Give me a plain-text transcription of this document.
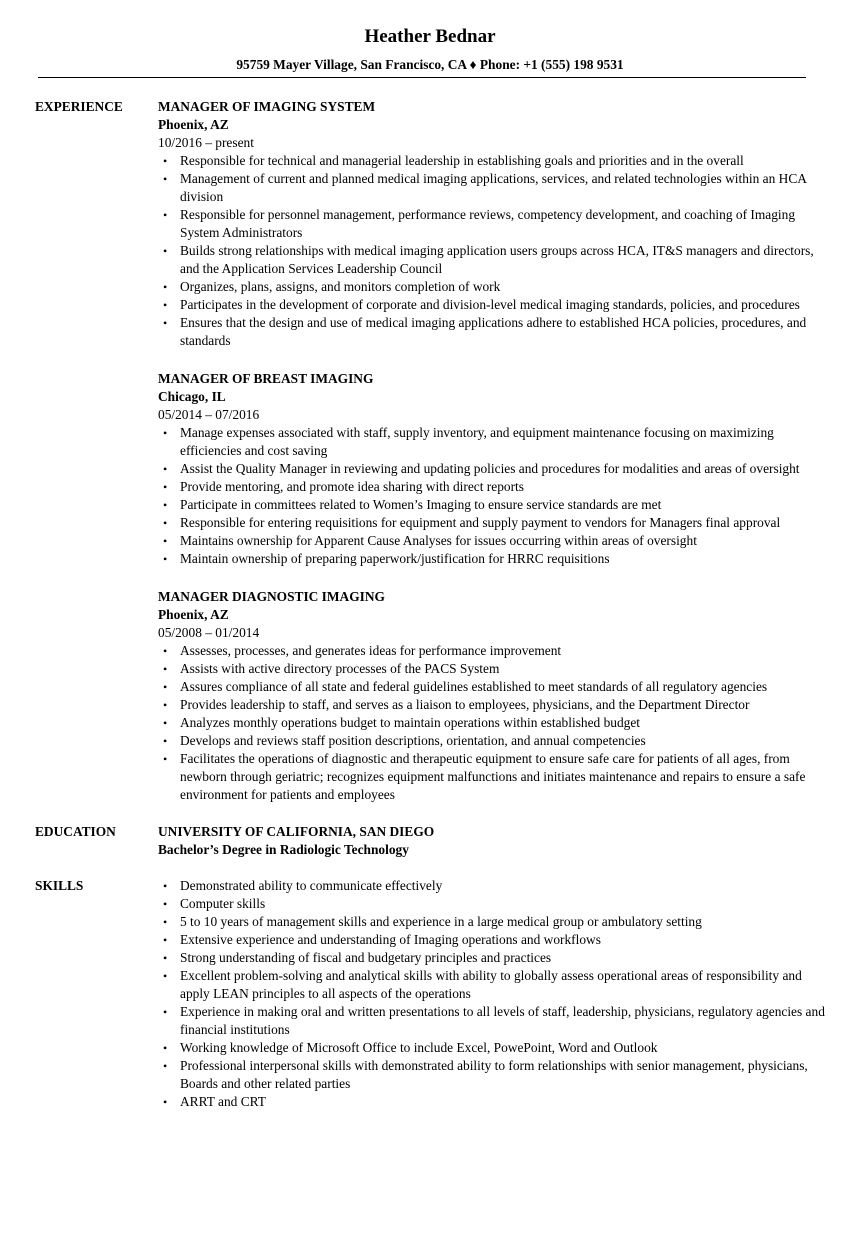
Heather Bednar
95759 Mayer Village, San Francisco, CA ♦ Phone: +1 (555) 198 9531
EXPERIENCE	MANAGER OF IMAGING SYSTEM
Phoenix, AZ
10/2016 – present
• Responsible for technical and managerial leadership in establishing goals and priorities and in the overall
• Management of current and planned medical imaging applications, services, and related technologies within an HCA division
• Responsible for personnel management, performance reviews, competency development, and coaching of Imaging System Administrators
• Builds strong relationships with medical imaging application users groups across HCA, IT&S managers and directors, and the Application Services Leadership Council
• Organizes, plans, assigns, and monitors completion of work
• Participates in the development of corporate and division-level medical imaging standards, policies, and procedures
• Ensures that the design and use of medical imaging applications adhere to established HCA policies, procedures, and standards
MANAGER OF BREAST IMAGING
Chicago, IL
05/2014 – 07/2016
• Manage expenses associated with staff, supply inventory, and equipment maintenance focusing on maximizing efficiencies and cost saving
• Assist the Quality Manager in reviewing and updating policies and procedures for modalities and areas of oversight
• Provide mentoring, and promote idea sharing with direct reports
• Participate in committees related to Women’s Imaging to ensure service standards are met
• Responsible for entering requisitions for equipment and supply payment to vendors for Managers final approval
• Maintains ownership for Apparent Cause Analyses for issues occurring within areas of oversight
• Maintain ownership of preparing paperwork/justification for HRRC requisitions
MANAGER DIAGNOSTIC IMAGING
Phoenix, AZ
05/2008 – 01/2014
• Assesses, processes, and generates ideas for performance improvement
• Assists with active directory processes of the PACS System
• Assures compliance of all state and federal guidelines established to meet standards of all regulatory agencies
• Provides leadership to staff, and serves as a liaison to employees, physicians, and the Department Director
• Analyzes monthly operations budget to maintain operations within established budget
• Develops and reviews staff position descriptions, orientation, and annual competencies
• Facilitates the operations of diagnostic and therapeutic equipment to ensure safe care for patients of all ages, from newborn through geriatric; recognizes equipment malfunctions and initiates maintenance and repairs to ensure a safe environment for patients and employees
EDUCATION	UNIVERSITY OF CALIFORNIA, SAN DIEGO
Bachelor’s Degree in Radiologic Technology
SKILLS
•	Demonstrated ability to communicate effectively
• Computer skills
• 5 to 10 years of management skills and experience in a large medical group or ambulatory setting
• Extensive experience and understanding of Imaging operations and workflows
• Strong understanding of fiscal and budgetary principles and practices
• Excellent problem-solving and analytical skills with ability to globally assess operational areas of responsibility and apply LEAN principles to all aspects of the operations
• Experience in making oral and written presentations to all levels of staff, leadership, physicians, regulatory agencies and financial institutions
• Working knowledge of Microsoft Office to include Excel, PowePoint, Word and Outlook
• Professional interpersonal skills with demonstrated ability to form relationships with senior management, physicians, Boards and other related parties
• ARRT and CRT
